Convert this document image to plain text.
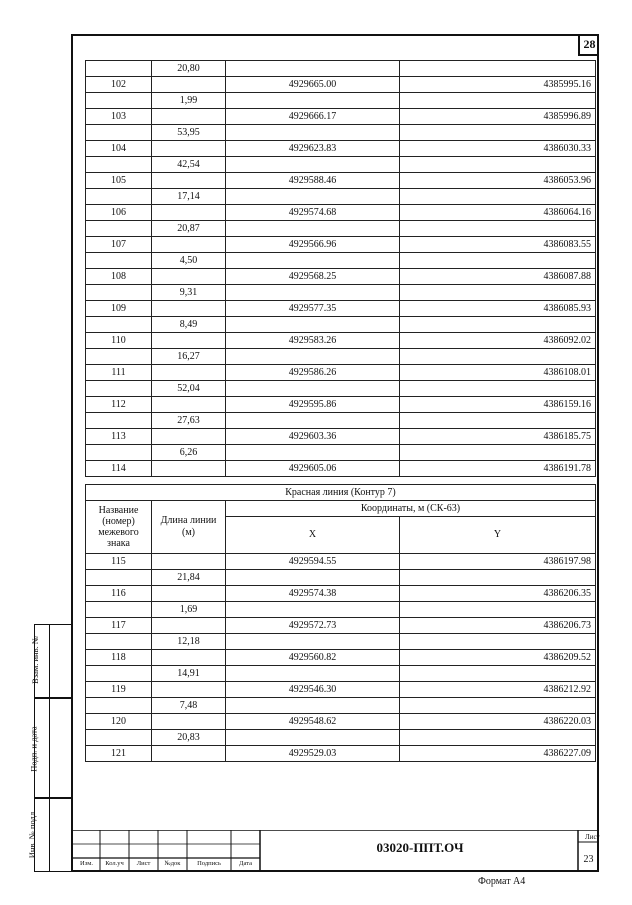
28
	20,80		
102		4929665.00	4385995.16
	1,99		
103		4929666.17	4385996.89
	53,95		
104		4929623.83	4386030.33
	42,54		
105		4929588.46	4386053.96
	17,14		
106		4929574.68	4386064.16
	20,87		
107		4929566.96	4386083.55
	4,50		
108		4929568.25	4386087.88
	9,31		
109		4929577.35	4386085.93
	8,49		
110		4929583.26	4386092.02
	16,27		
111		4929586.26	4386108.01
	52,04		
112		4929595.86	4386159.16
	27,63		
113		4929603.36	4386185.75
	6,26		
114		4929605.06	4386191.78
Красная линия (Контур 7)			
Название (номер) межевого знака	Длина линии (м)	Координаты, м (СК-63)	
		X	Y
115		4929594.55	4386197.98
	21,84		
116		4929574.38	4386206.35
	1,69		
117		4929572.73	4386206.73
	12,18		
118		4929560.82	4386209.52
	14,91		
119		4929546.30	4386212.92
	7,48		
120		4929548.62	4386220.03
	20,83		
121		4929529.03	4386227.09
Взам. инв. №
Подп. и дата
Инв. № подл.
Изм.	Кол.уч	Лист	№док	Подпись	Дата
03020-ППТ.ОЧ
Лист
23
Формат А4
